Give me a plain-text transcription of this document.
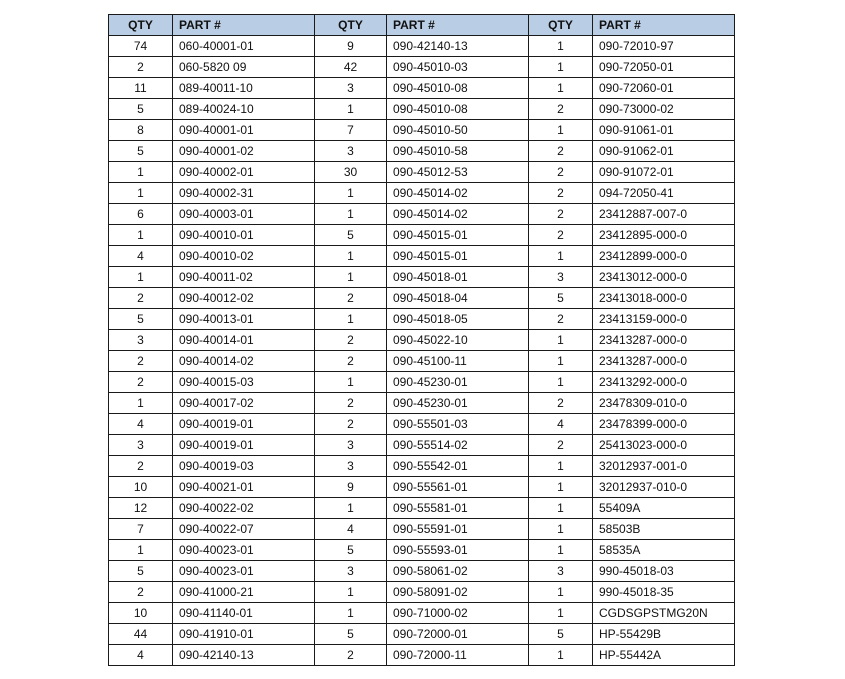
QTY	PART #	QTY	PART #	QTY	PART #
74	060-40001-01	9	090-42140-13	1	090-72010-97
2	060-5820 09	42	090-45010-03	1	090-72050-01
11	089-40011-10	3	090-45010-08	1	090-72060-01
5	089-40024-10	1	090-45010-08	2	090-73000-02
8	090-40001-01	7	090-45010-50	1	090-91061-01
5	090-40001-02	3	090-45010-58	2	090-91062-01
1	090-40002-01	30	090-45012-53	2	090-91072-01
1	090-40002-31	1	090-45014-02	2	094-72050-41
6	090-40003-01	1	090-45014-02	2	23412887-007-0
1	090-40010-01	5	090-45015-01	2	23412895-000-0
4	090-40010-02	1	090-45015-01	1	23412899-000-0
1	090-40011-02	1	090-45018-01	3	23413012-000-0
2	090-40012-02	2	090-45018-04	5	23413018-000-0
5	090-40013-01	1	090-45018-05	2	23413159-000-0
3	090-40014-01	2	090-45022-10	1	23413287-000-0
2	090-40014-02	2	090-45100-11	1	23413287-000-0
2	090-40015-03	1	090-45230-01	1	23413292-000-0
1	090-40017-02	2	090-45230-01	2	23478309-010-0
4	090-40019-01	2	090-55501-03	4	23478399-000-0
3	090-40019-01	3	090-55514-02	2	25413023-000-0
2	090-40019-03	3	090-55542-01	1	32012937-001-0
10	090-40021-01	9	090-55561-01	1	32012937-010-0
12	090-40022-02	1	090-55581-01	1	55409A
7	090-40022-07	4	090-55591-01	1	58503B
1	090-40023-01	5	090-55593-01	1	58535A
5	090-40023-01	3	090-58061-02	3	990-45018-03
2	090-41000-21	1	090-58091-02	1	990-45018-35
10	090-41140-01	1	090-71000-02	1	CGDSGPSTMG20N
44	090-41910-01	5	090-72000-01	5	HP-55429B
4	090-42140-13	2	090-72000-11	1	HP-55442A
